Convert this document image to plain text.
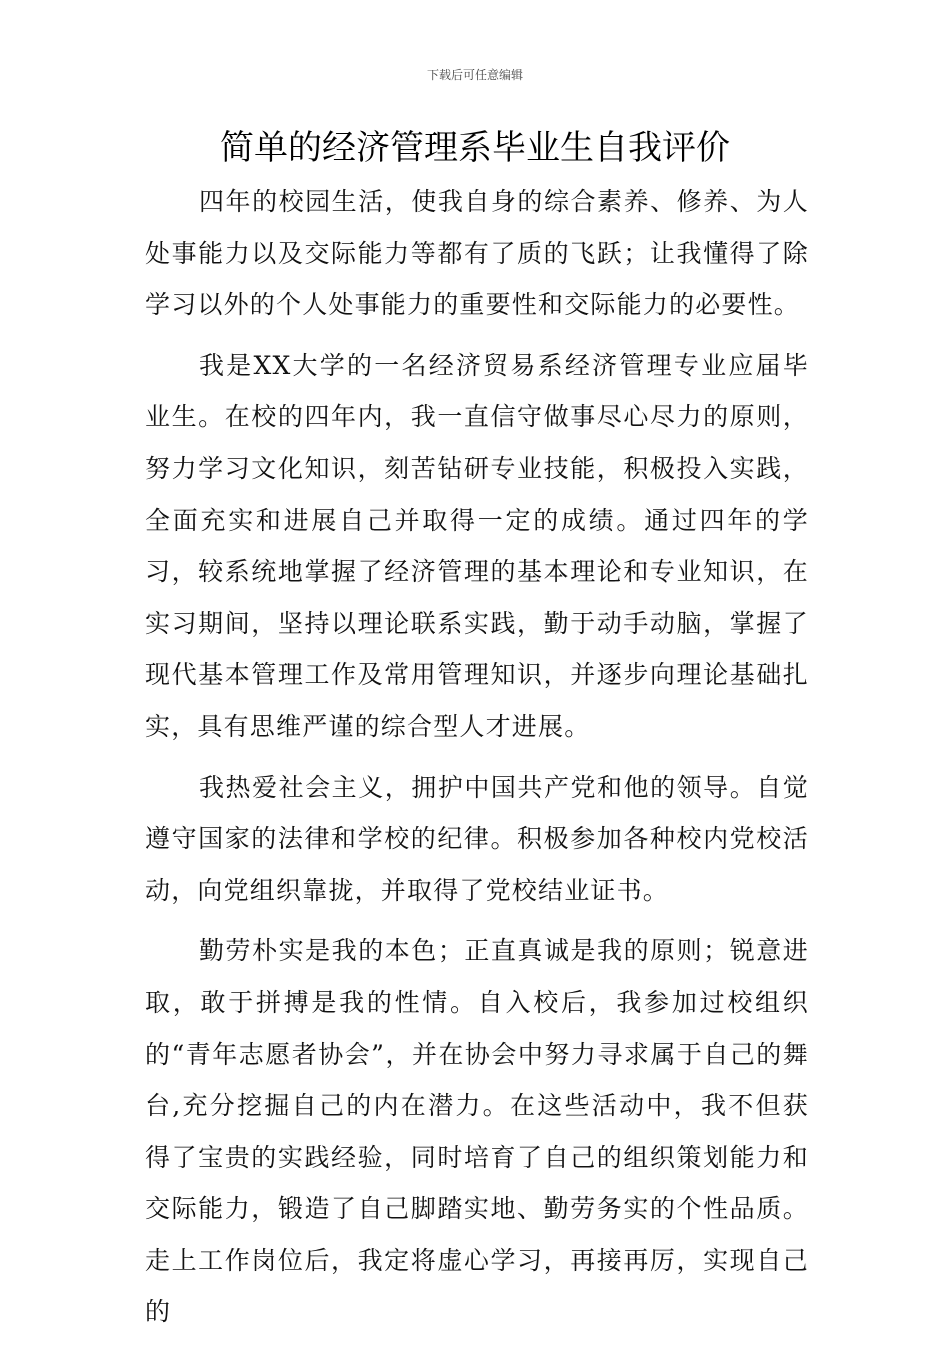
下载后可任意编辑
简单的经济管理系毕业生自我评价

四年的校园生活，使我自身的综合素养、修养、为人处事能力以及交际能力等都有了质的飞跃；让我懂得了除学习以外的个人处事能力的重要性和交际能力的必要性。

我是XX大学的一名经济贸易系经济管理专业应届毕业生。在校的四年内，我一直信守做事尽心尽力的原则，努力学习文化知识，刻苦钻研专业技能，积极投入实践，全面充实和进展自己并取得一定的成绩。通过四年的学习，较系统地掌握了经济管理的基本理论和专业知识，在实习期间，坚持以理论联系实践，勤于动手动脑，掌握了现代基本管理工作及常用管理知识，并逐步向理论基础扎实，具有思维严谨的综合型人才进展。

我热爱社会主义，拥护中国共产党和他的领导。自觉遵守国家的法律和学校的纪律。积极参加各种校内党校活动，向党组织靠拢，并取得了党校结业证书。

勤劳朴实是我的本色；正直真诚是我的原则；锐意进取，敢于拼搏是我的性情。自入校后，我参加过校组织的“青年志愿者协会”，并在协会中努力寻求属于自己的舞台,充分挖掘自己的内在潜力。在这些活动中，我不但获得了宝贵的实践经验，同时培育了自己的组织策划能力和交际能力，锻造了自己脚踏实地、勤劳务实的个性品质。走上工作岗位后，我定将虚心学习，再接再厉，实现自己的
